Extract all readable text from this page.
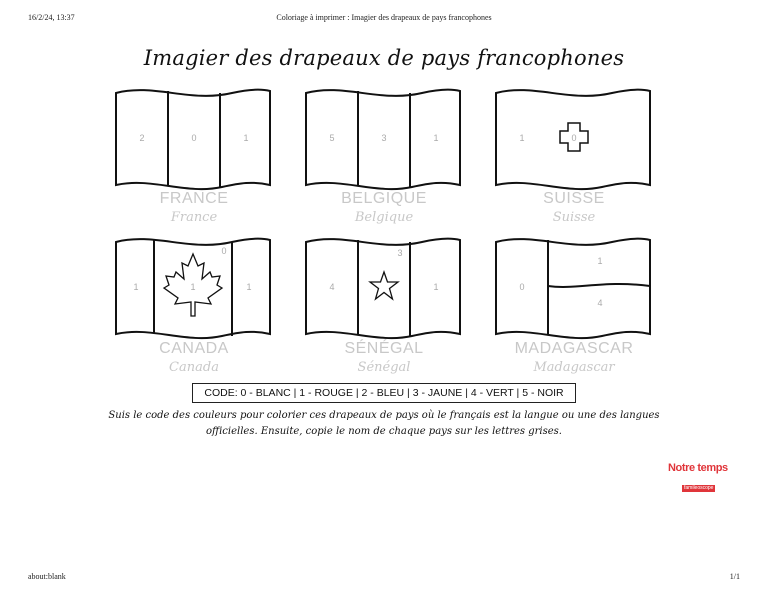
16/2/24, 13:37	Coloriage à imprimer : Imagier des drapeaux de pays francophones
Imagier des drapeaux de pays francophones
2	0	1
FRANCE
France
5	3	1
BELGIQUE
Belgique
1	0
SUISSE
Suisse
1	1	1
0
CANADA
Canada
4
3
1
SÉNÉGAL
Sénégal
0
1
4
MADAGASCAR
Madagascar
CODE: 0 - BLANC | 1 - ROUGE | 2 - BLEU | 3 - JAUNE | 4 - VERT | 5 - NOIR
Suis le code des couleurs pour colorier ces drapeaux de pays où le français est la langue ou une des langues officielles. Ensuite, copie le nom de chaque pays sur les lettres grises.
Notre temps
famileoscope
about:blank	1/1
